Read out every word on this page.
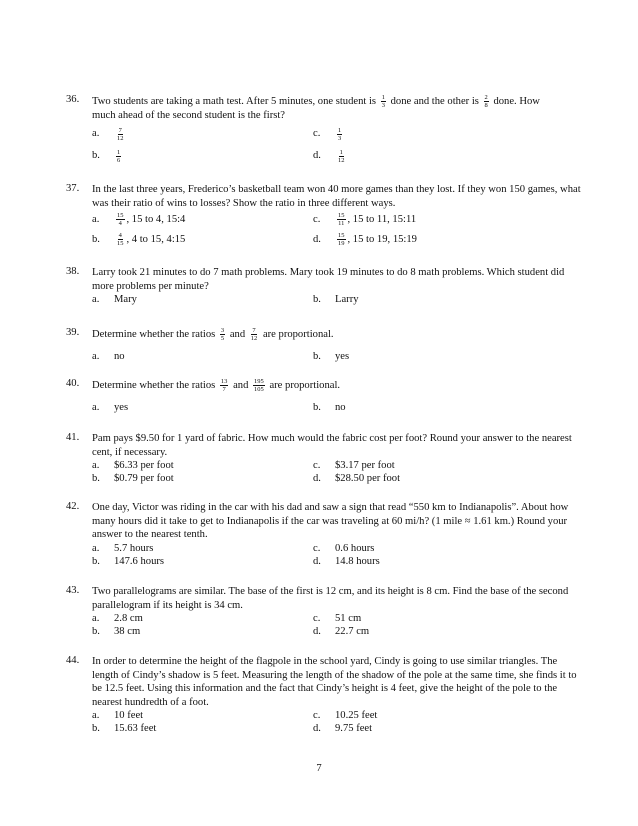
36.	Two students are taking a math test. After 5 minutes, one student is $\frac{1}{3}$ done and the other is $\frac{2}{8}$ done. How
much ahead of the second student is the first?
a.	$\frac{7}{12}$	c.	$\frac{1}{3}$
b. $\frac{1}{6}$	d. $\frac{1}{12}$
37.	In the last three years, Frederico’s basketball team won 40 more games than they lost. If they won 150 games, what was their ratio of wins to losses? Show the ratio in three different ways.
a.	$\frac{15}{4}$ , 15 to 4, 15:4	c.	$\frac{15}{11}$ , 15 to 11, 15:11
b. $\frac{4}{15}$ , 4 to 15, 4:15	d. $\frac{15}{19}$ , 15 to 19, 15:19
38.	Larry took 21 minutes to do 7 math problems. Mary took 19 minutes to do 8 math problems. Which student did more problems per minute?
a. Mary	b. Larry
39.	Determine whether the ratios $\frac{3}{5}$ and $\frac{7}{12}$ are proportional.
a. no	b. yes
40.	Determine whether the ratios $\frac{13}{7}$ and $\frac{195}{105}$ are proportional.
a. yes	b. no
41.	Pam pays $9.50 for 1 yard of fabric. How much would the fabric cost per foot? Round your answer to the nearest cent, if necessary.
a. $6.33 per foot	c. $3.17 per foot
b. $0.79 per foot	d. $28.50 per foot
42.	One day, Victor was riding in the car with his dad and saw a sign that read “550 km to Indianapolis”. About how many hours did it take to get to Indianapolis if the car was traveling at 60 mi/h? (1 mile ≈ 1.61 km.) Round your answer to the nearest tenth.
a. 5.7 hours	c. 0.6 hours
b. 147.6 hours	d. 14.8 hours
43.	Two parallelograms are similar. The base of the first is 12 cm, and its height is 8 cm. Find the base of the second parallelogram if its height is 34 cm.
a. 2.8 cm	c. 51 cm
b. 38 cm	d. 22.7 cm
44.	In order to determine the height of the flagpole in the school yard, Cindy is going to use similar triangles. The length of Cindy’s shadow is 5 feet. Measuring the length of the shadow of the pole at the same time, she finds it to be 12.5 feet. Using this information and the fact that Cindy’s height is 4 feet, give the height of the pole to the nearest hundredth of a foot.
a. 10 feet	c. 10.25 feet
b. 15.63 feet	d. 9.75 feet
7
